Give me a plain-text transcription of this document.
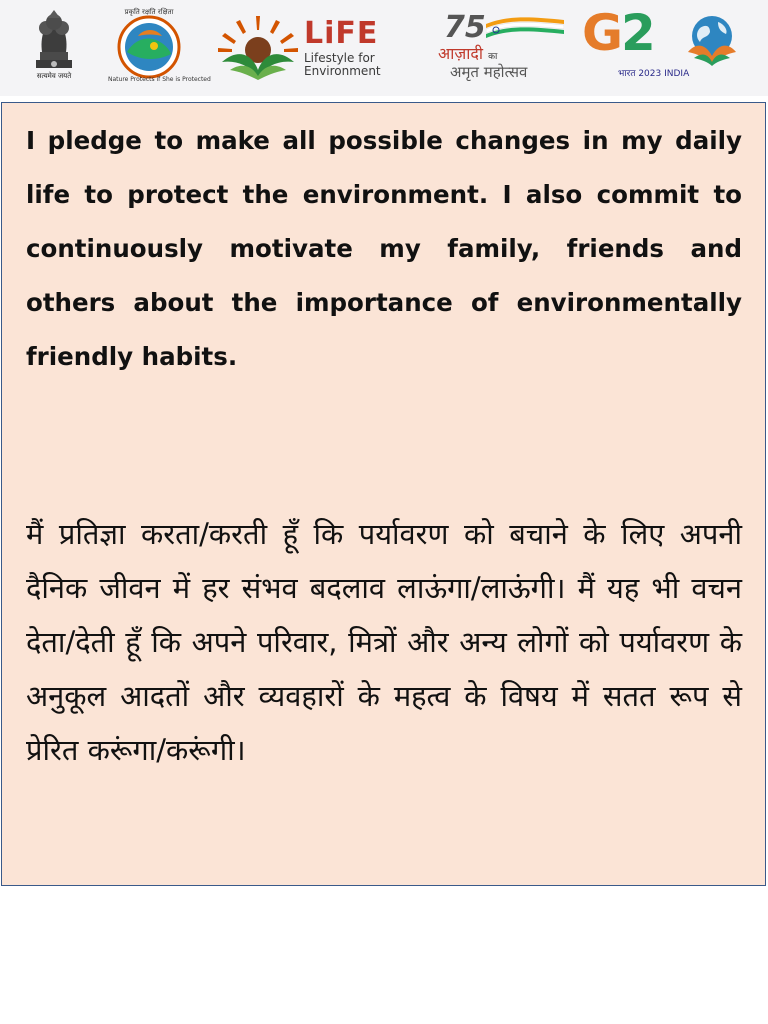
सत्यमेव जयते
प्रकृति रक्षति रक्षिता
Nature Protects if She is Protected
LiFE
Lifestyle for Environment
75
आज़ादी का
अमृत महोत्सव
G2
भारत 2023 INDIA

I pledge to make all possible changes in my daily life to protect the environment. I also commit to continuously motivate my family, friends and others about the importance of environmentally friendly habits.

मैं प्रतिज्ञा करता/करती हूँ कि पर्यावरण को बचाने के लिए अपनी दैनिक जीवन में हर संभव बदलाव लाऊंगा/लाऊंगी। मैं यह भी वचन देता/देती हूँ कि अपने परिवार, मित्रों और अन्य लोगों को पर्यावरण के अनुकूल आदतों और व्यवहारों के महत्व के विषय में सतत रूप से प्रेरित करूंगा/करूंगी।
